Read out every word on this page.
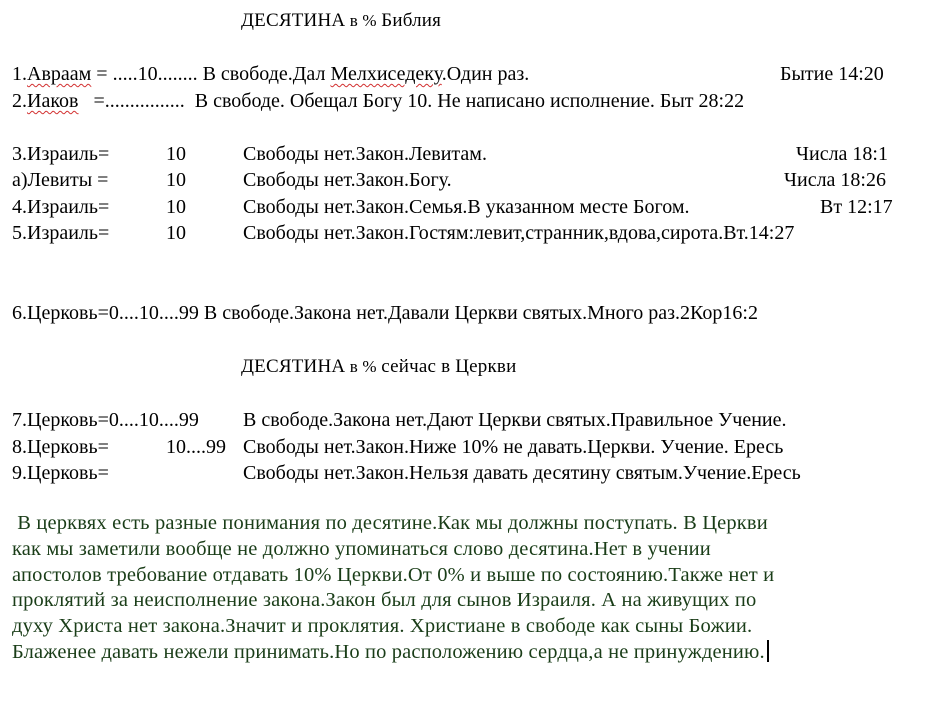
ДЕСЯТИНА в % Библия
1.Авраам = .....10........ В свободе.Дал Мелхиседеку.Один раз.	Бытие 14:20
2.Иаков   =................  В свободе. Обещал Богу 10. Не написано исполнение. Быт 28:22
3.Израиль=	10	Свободы нет.Закон.Левитам.	Числа 18:1
а)Левиты =	10	Свободы нет.Закон.Богу.	Числа 18:26
4.Израиль=	10	Свободы нет.Закон.Семья.В указанном месте Богом.	Вт 12:17
5.Израиль=	10	Свободы нет.Закон.Гостям:левит,странник,вдова,сирота.Вт.14:27
6.Церковь=0....10....99 В свободе.Закона нет.Давали Церкви святых.Много раз.2Кор16:2
ДЕСЯТИНА в % сейчас в Церкви
7.Церковь=0....10....99 В свободе.Закона нет.Дают Церкви святых.Правильное Учение.
8.Церковь=	10....99 Свободы нет.Закон.Ниже 10% не давать.Церкви. Учение. Ересь
9.Церковь=	Свободы нет.Закон.Нельзя давать десятину святым.Учение.Ересь
В церквях есть разные понимания по десятине.Как мы должны поступать. В Церкви
как мы заметили вообще не должно упоминаться слово десятина.Нет в учении
апостолов требование отдавать 10% Церкви.От 0% и выше по состоянию.Также нет и
проклятий за неисполнение закона.Закон был для сынов Израиля. А на живущих по
духу Христа нет закона.Значит и проклятия. Христиане в свободе как сыны Божии.
Блаженее давать нежели принимать.Но по расположению сердца,а не принуждению.
